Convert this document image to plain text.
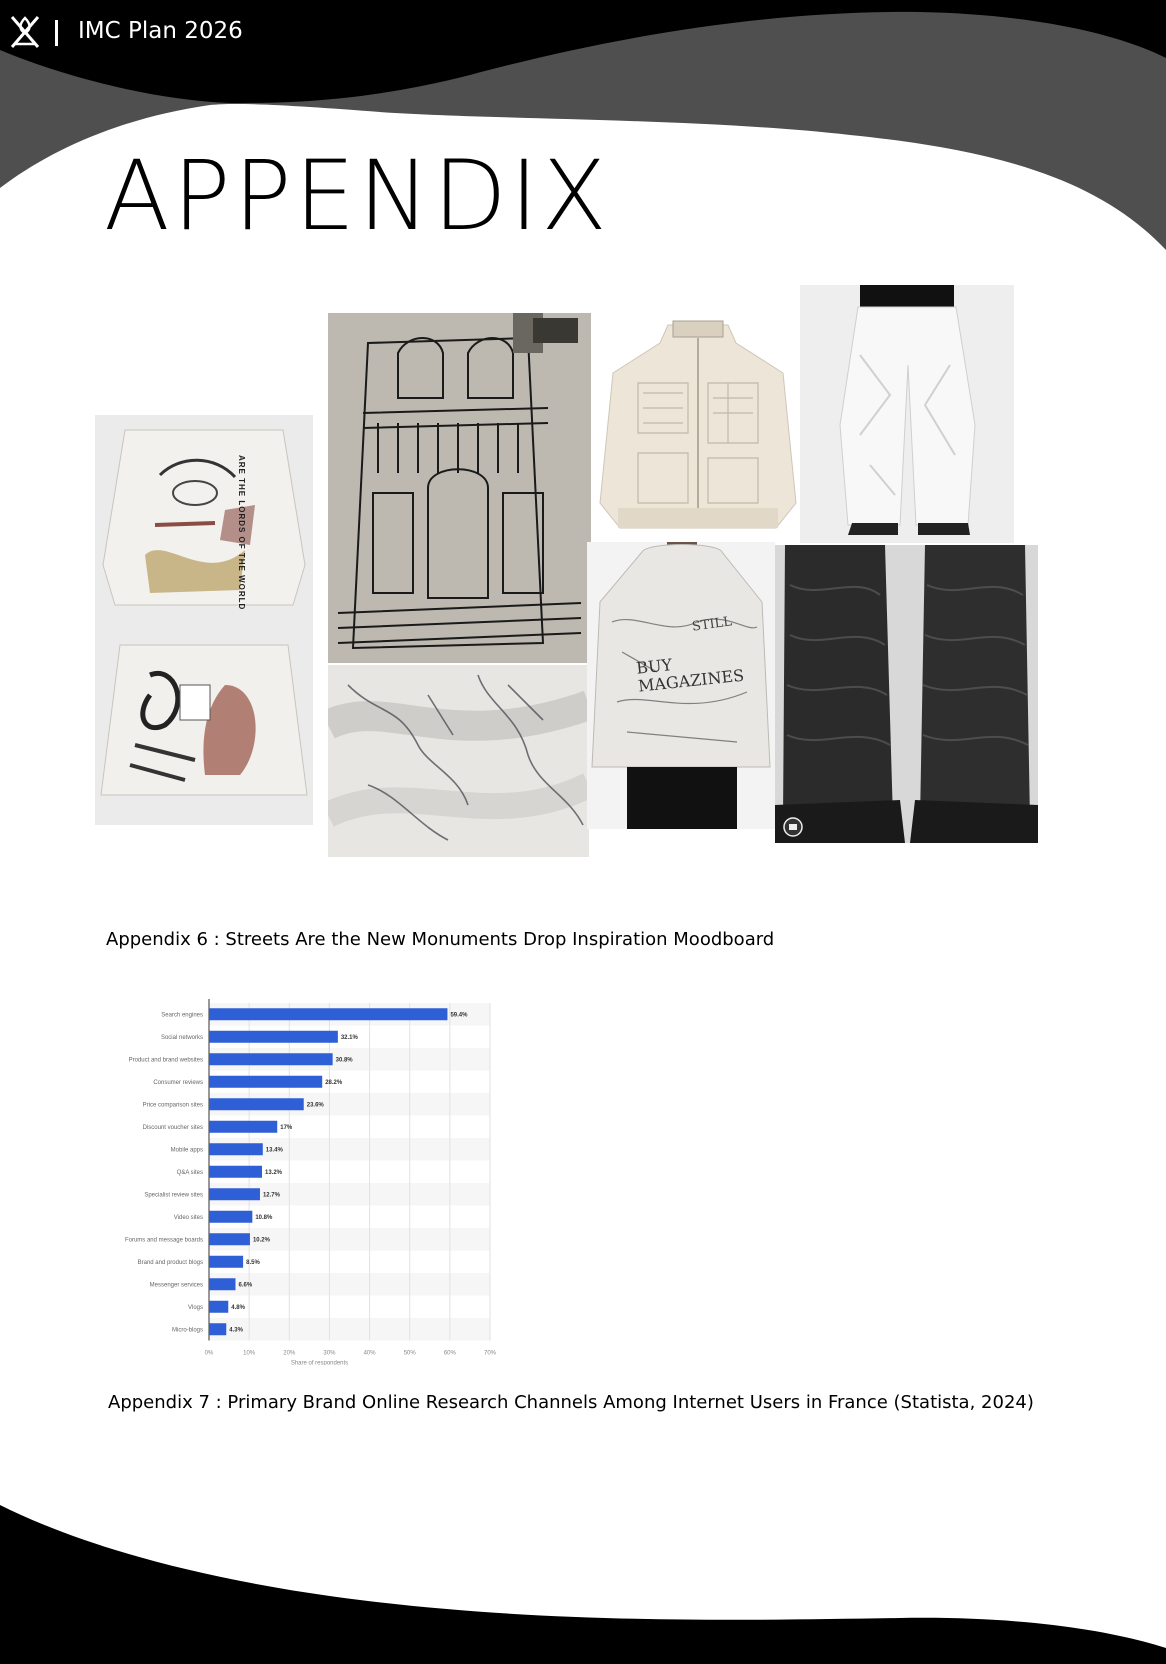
IMC Plan 2026
APPENDIX
ARE THE LORDS OF THE WORLD
BUY MAGAZINES
STILL
Appendix 6 : Streets Are the New Monuments Drop Inspiration Moodboard
0%	10%	20%	30%	40%	50%	60%	70%
Search engines	59.4%
Social networks	32.1%
Product and brand websites	30.8%
Consumer reviews	28.2%
Price comparison sites	23.6%
Discount voucher sites	17%
Mobile apps	13.4%
Q&A sites	13.2%
Specialist review sites	12.7%
Video sites	10.8%
Forums and message boards	10.2%
Brand and product blogs	8.5%
Messenger services	6.6%
Vlogs	4.8%
Micro-blogs	4.3%
Share of respondents
Appendix 7 : Primary Brand Online Research Channels Among Internet Users in France (Statista, 2024)
